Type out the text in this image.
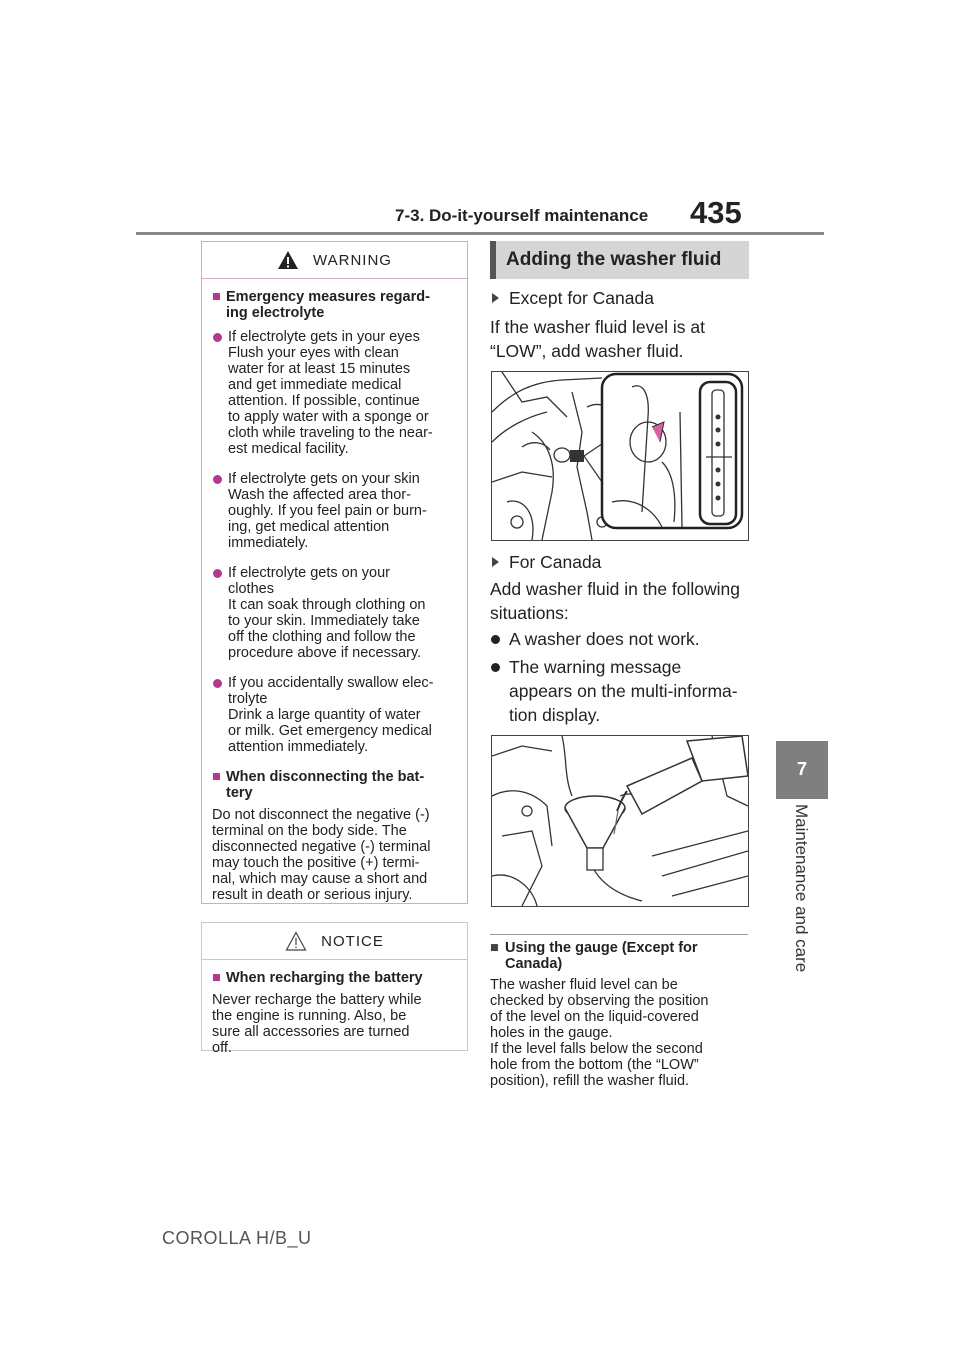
7-3. Do-it-yourself maintenance 435
7
Maintenance and care
WARNING
■ Emergency measures regard-
ing electrolyte
If electrolyte gets in your eyes
Flush your eyes with clean
water for at least 15 minutes
and get immediate medical
attention. If possible, continue
to apply water with a sponge or
cloth while traveling to the near-
est medical facility.
If electrolyte gets on your skin
Wash the affected area thor-
oughly. If you feel pain or burn-
ing, get medical attention
immediately.
If electrolyte gets on your
clothes
It can soak through clothing on
to your skin. Immediately take
off the clothing and follow the
procedure above if necessary.
If you accidentally swallow elec-
trolyte
Drink a large quantity of water
or milk. Get emergency medical
attention immediately.
■ When disconnecting the bat-
tery
Do not disconnect the negative (-)
terminal on the body side. The
disconnected negative (-) terminal
may touch the positive (+) termi-
nal, which may cause a short and
result in death or serious injury.
NOTICE
■ When recharging the battery
Never recharge the battery while
the engine is running. Also, be
sure all accessories are turned
off.
Adding the washer fluid
Except for Canada
If the washer fluid level is at
“LOW”, add washer fluid.
For Canada
Add washer fluid in the following
situations:
A washer does not work.
The warning message
appears on the multi-informa-
tion display.
■ Using the gauge (Except for
Canada)
The washer fluid level can be
checked by observing the position
of the level on the liquid-covered
holes in the gauge.
If the level falls below the second
hole from the bottom (the “LOW”
position), refill the washer fluid.
COROLLA H/B_U
